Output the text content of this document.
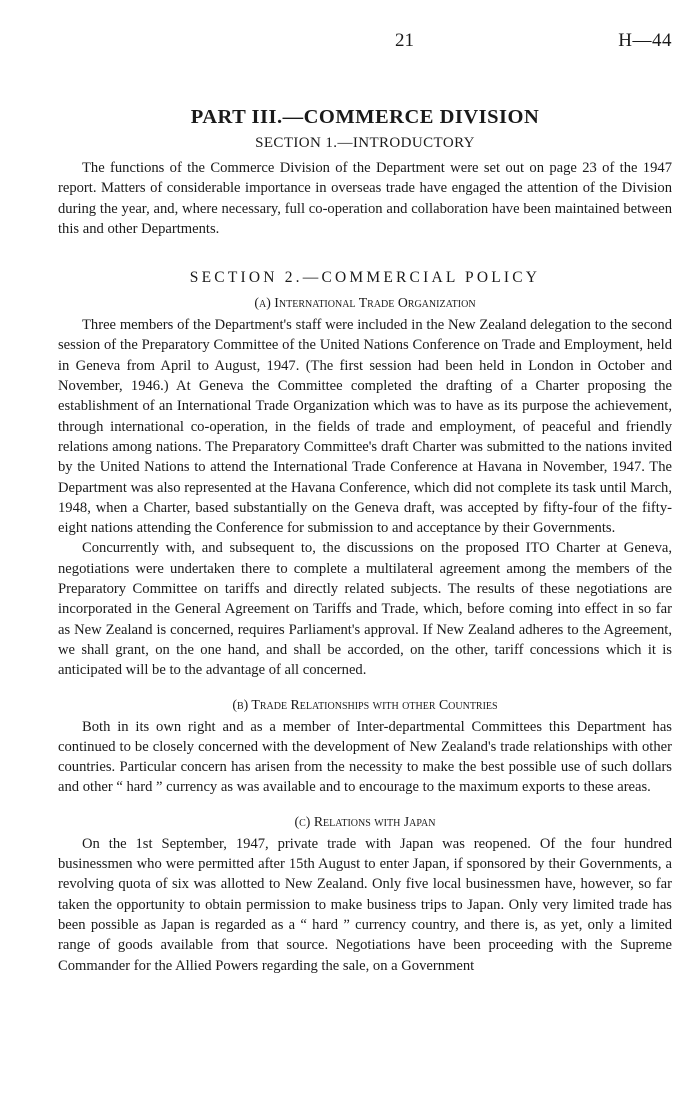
21	H—44
PART III.—COMMERCE DIVISION
SECTION 1.—INTRODUCTORY

The functions of the Commerce Division of the Department were set out on page 23 of the 1947 report. Matters of considerable importance in overseas trade have engaged the attention of the Division during the year, and, where necessary, full co-operation and collaboration have been maintained between this and other Departments.

SECTION 2.—COMMERCIAL POLICY
(a) International Trade Organization

Three members of the Department's staff were included in the New Zealand delegation to the second session of the Preparatory Committee of the United Nations Conference on Trade and Employment, held in Geneva from April to August, 1947. (The first session had been held in London in October and November, 1946.) At Geneva the Committee completed the drafting of a Charter proposing the establishment of an International Trade Organization which was to have as its purpose the achievement, through international co-operation, in the fields of trade and employment, of peaceful and friendly relations among nations. The Preparatory Committee's draft Charter was submitted to the nations invited by the United Nations to attend the International Trade Conference at Havana in November, 1947. The Department was also represented at the Havana Conference, which did not complete its task until March, 1948, when a Charter, based substantially on the Geneva draft, was accepted by fifty-four of the fifty-eight nations attending the Conference for submission to and acceptance by their Governments.

Concurrently with, and subsequent to, the discussions on the proposed ITO Charter at Geneva, negotiations were undertaken there to complete a multilateral agreement among the members of the Preparatory Committee on tariffs and directly related subjects. The results of these negotiations are incorporated in the General Agreement on Tariffs and Trade, which, before coming into effect in so far as New Zealand is concerned, requires Parliament's approval. If New Zealand adheres to the Agreement, we shall grant, on the one hand, and shall be accorded, on the other, tariff concessions which it is anticipated will be to the advantage of all concerned.

(b) Trade Relationships with other Countries

Both in its own right and as a member of Inter-departmental Committees this Department has continued to be closely concerned with the development of New Zealand's trade relationships with other countries. Particular concern has arisen from the necessity to make the best possible use of such dollars and other “ hard ” currency as was available and to encourage to the maximum exports to these areas.

(c) Relations with Japan

On the 1st September, 1947, private trade with Japan was reopened. Of the four hundred businessmen who were permitted after 15th August to enter Japan, if sponsored by their Governments, a revolving quota of six was allotted to New Zealand. Only five local businessmen have, however, so far taken the opportunity to obtain permission to make business trips to Japan. Only very limited trade has been possible as Japan is regarded as a “ hard ” currency country, and there is, as yet, only a limited range of goods available from that source. Negotiations have been proceeding with the Supreme Commander for the Allied Powers regarding the sale, on a Government
